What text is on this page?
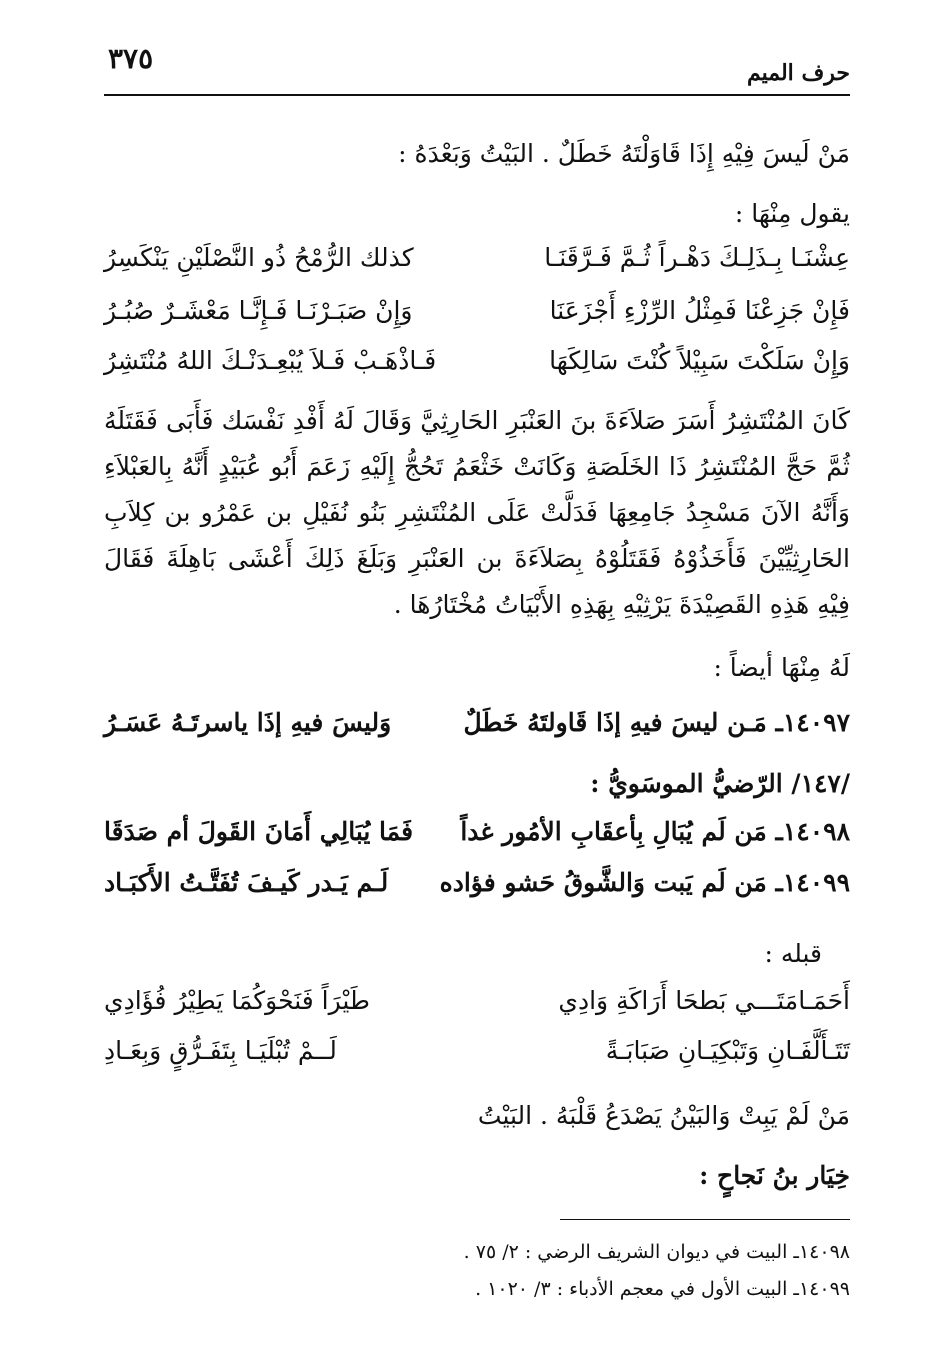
٣٧٥	حرف الميم
مَنْ لَيسَ فِيْهِ إِذَا قَاوَلْتَهُ خَطَلٌ . البَيْتُ وَبَعْدَهُ :
يقول مِنْهَا :
عِشْنَـا بِـذَلِـكَ دَهْـراً ثُـمَّ فَـرَّقَنَـا
كذلك الرُّمْحُ ذُو النَّصْلَيْنِ يَنْكَسِرُ
فَإِنْ جَزِعْنَا فَمِثْلُ الرِّزْءِ أَجْزَعَنَا
وَإِنْ صَبَـرْنَـا فَـإِنَّـا مَعْشَـرٌ صُبُـرُ
وَإِنْ سَلَكْتَ سَبِيْلاً كُنْتَ سَالِكَهَا
فَـاذْهَـبْ فَـلاَ يُبْعِـدَنْـكَ اللهُ مُنْتَشِرُ
كَانَ المُنْتَشِرُ أَسَرَ صَلاَءَةَ بنَ العَنْبَرِ الحَارِثِيَّ وَقَالَ لَهُ أَفْدِ نَفْسَك فَأَبَى فَقَتَلَهُ ثُمَّ حَجَّ المُنْتَشِرُ ذَا الخَلَصَةِ وَكَانَتْ خَثْعَمُ تَحُجُّ إِلَيْهِ زَعَمَ أَبُو عُبَيْدٍ أَنَّهُ بِالعَبْلاَءِ وَأَنَّهُ الآنَ مَسْجِدُ جَامِعِهَا فَدَلَّتْ عَلَى المُنْتَشِرِ بَنُو نُفَيْلِ بن عَمْرُو بن كِلاَبِ الحَارِثِيِّيْنَ فَأَخَذُوْهُ فَقَتَلُوْهُ بِصَلاَءَةَ بن العَنْبَرِ وَبَلَغَ ذَلِكَ أَعْشَى بَاهِلَةَ فَقَالَ فِيْهِ هَذِهِ القَصِيْدَةَ يَرْثِيْهِ بِهَذِهِ الأَبْيَاتُ مُخْتَارُهَا .
لَهُ مِنْهَا أيضاً :
١٤٠٩٧ـ مَـن ليسَ فيهِ إذَا قَاولتَهُ خَطَلٌ
وَليسَ فيهِ إذَا ياسرتَـهُ عَسَـرُ
/١٤٧/ الرّضيُّ الموسَويُّ :
١٤٠٩٨ـ مَن لَم يُبَالِ بِأعقَابِ الأمُور غداً
فَمَا يُبَالِي أَمَانَ القَولَ أم صَدَقَا
١٤٠٩٩ـ مَن لَم يَبت وَالشَّوقُ حَشو فؤاده
لَـم يَـدر كَيـفَ تُفَتَّـتُ الأَكبَـاد
قبله :
أَحَمَـامَتَـــي بَطحَا أَرَاكَةِ وَادِي
طَيْرَاً فَنَحْوَكُمَا يَطِيْرُ فُؤَادِي
تَتَـأَلَّفَـانِ وَتَبْكِيَـانِ صَبَابَـةً
لَــمْ تُبْلَيَـا بِتَفَـرُّقٍ وَبِعَـادِ
مَنْ لَمْ يَبِتْ وَالبَيْنُ يَصْدَعُ قَلْبَهُ . البَيْتُ
خِيَار بنُ نَجاحٍ :
١٤٠٩٨ـ البيت في ديوان الشريف الرضي : ٢/ ٧٥ .
١٤٠٩٩ـ البيت الأول في معجم الأدباء : ٣/ ١٠٢٠ .
